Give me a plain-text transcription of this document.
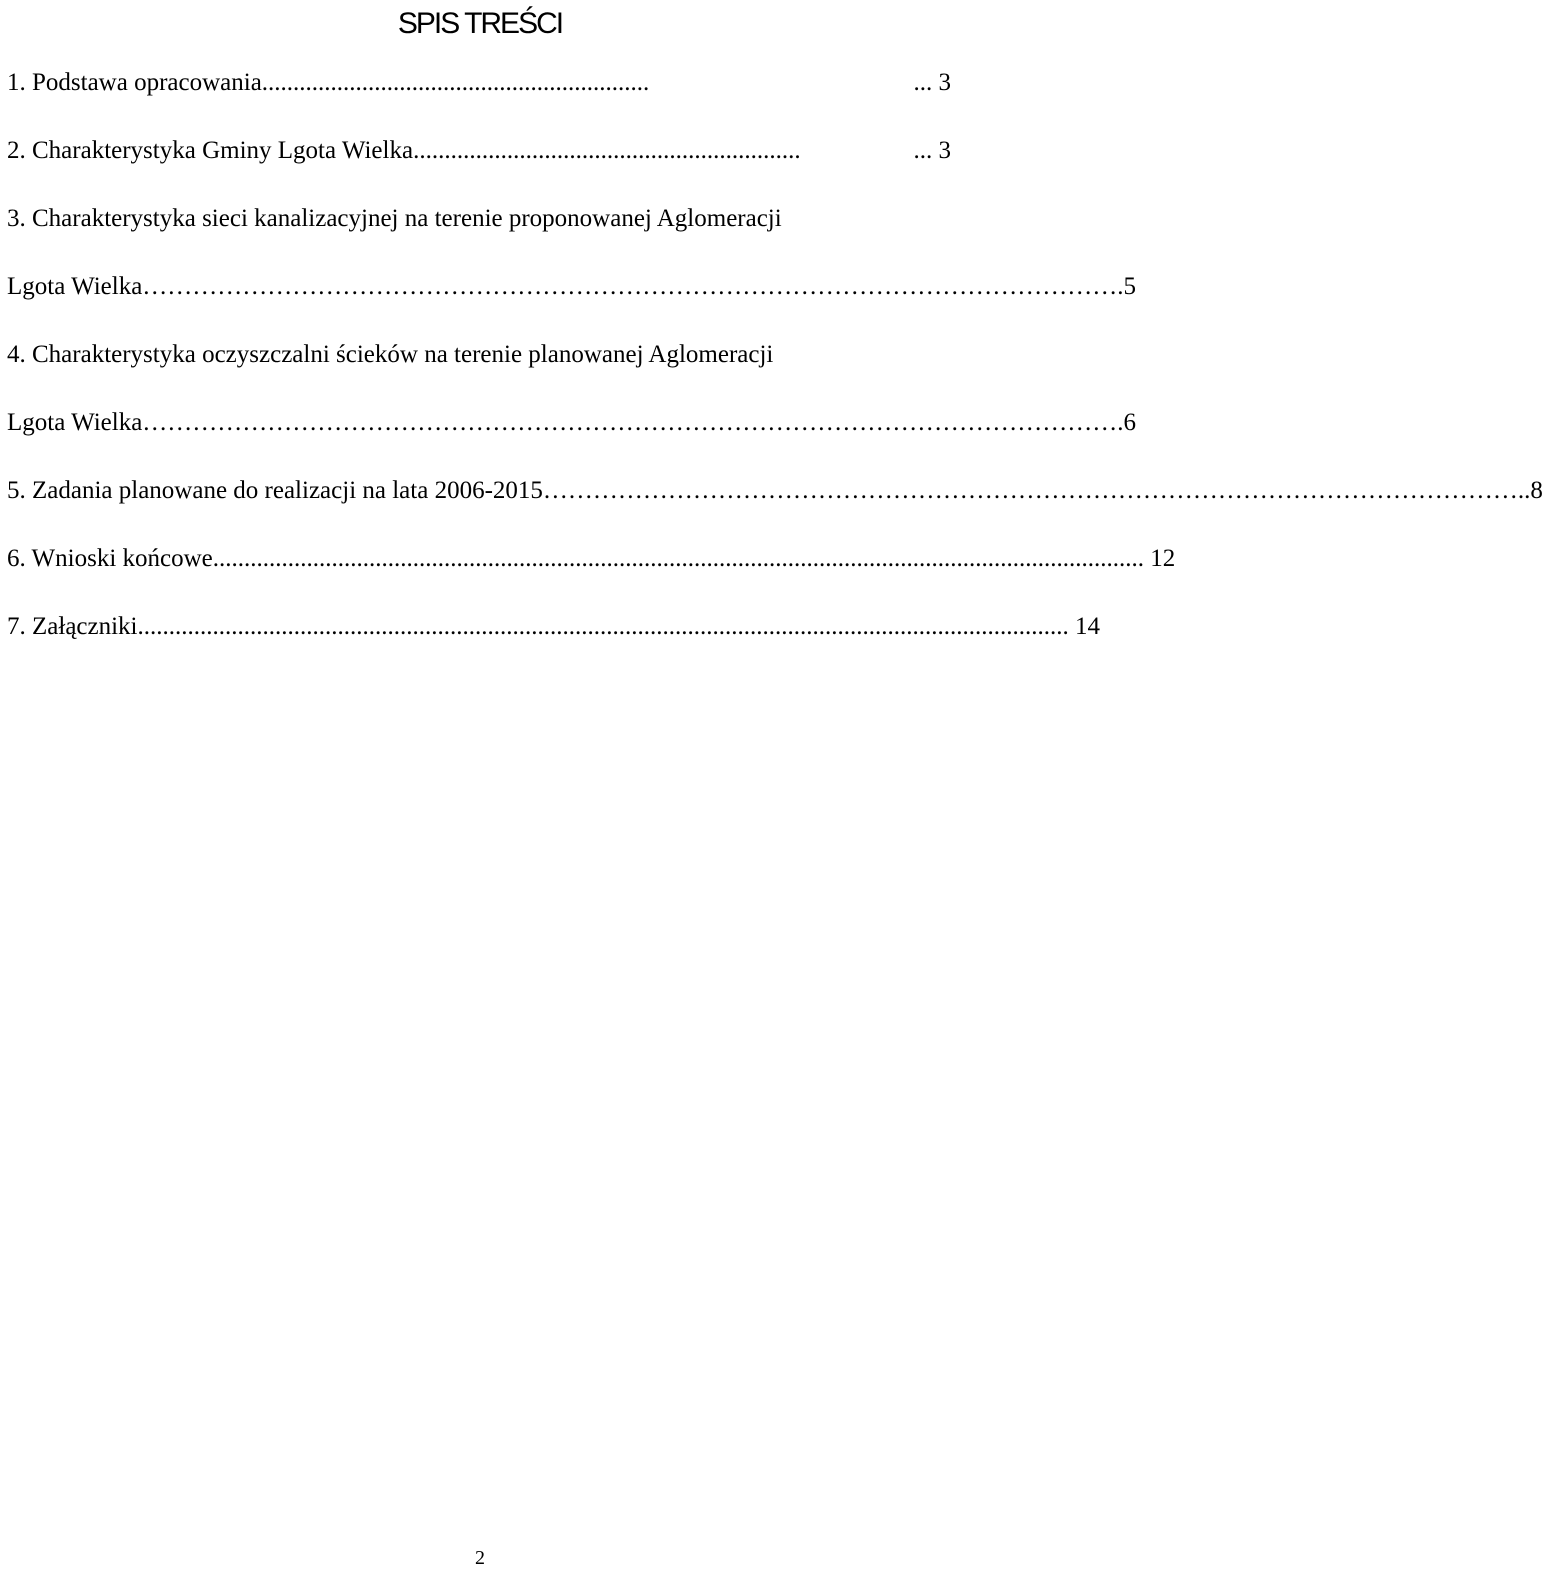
SPIS TREŚCI
1. Podstawa opracowania ..............................................................	... 3
2. Charakterystyka Gminy Lgota Wielka ..............................................................	... 3
3. Charakterystyka sieci kanalizacyjnej na terenie proponowanej Aglomeracji
Lgota Wielka ……………………………………………………………………………………………………… .5
4. Charakterystyka oczyszczalni ścieków na terenie planowanej Aglomeracji
Lgota Wielka ……………………………………………………………………………………………………… .6
5. Zadania planowane do realizacji na lata 2006-2015 ……………………………………………………………………………………………………… ..8
6. Wnioski końcowe .................................................................................................................................................. ... 12
7. Załączniki .................................................................................................................................................. ... 14
2
